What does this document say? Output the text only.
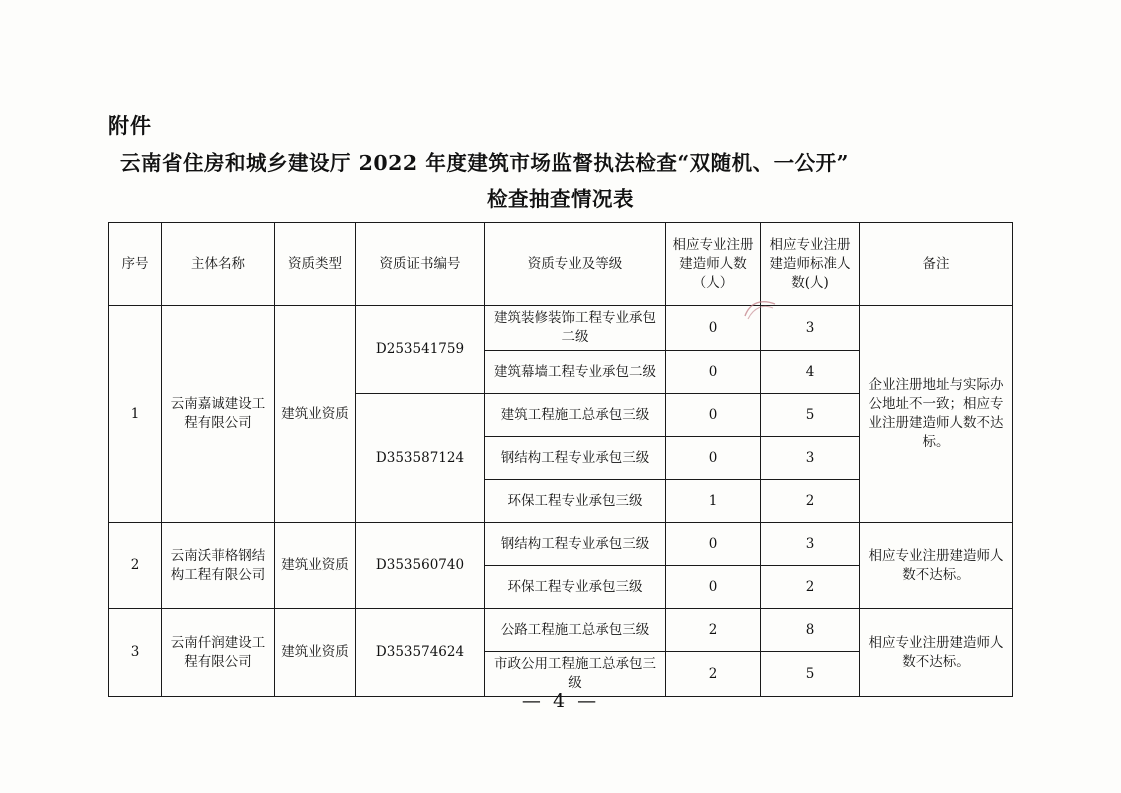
附件
云南省住房和城乡建设厅 2022 年度建筑市场监督执法检查“双随机、一公开”
检查抽查情况表
序号	主体名称	资质类型	资质证书编号	资质专业及等级	相应专业注册建造师人数（人）	相应专业注册建造师标准人数(人)	备注
1	云南嘉诚建设工程有限公司	建筑业资质	D253541759	建筑装修装饰工程专业承包二级	0	3	企业注册地址与实际办公地址不一致；相应专业注册建造师人数不达标。
				建筑幕墙工程专业承包二级	0	4	
			D353587124	建筑工程施工总承包三级	0	5	
				钢结构工程专业承包三级	0	3	
				环保工程专业承包三级	1	2	
2	云南沃菲格钢结构工程有限公司	建筑业资质	D353560740	钢结构工程专业承包三级	0	3	相应专业注册建造师人数不达标。
				环保工程专业承包三级	0	2	
3	云南仟润建设工程有限公司	建筑业资质	D353574624	公路工程施工总承包三级	2	8	相应专业注册建造师人数不达标。
				市政公用工程施工总承包三级	2	5	
— 4 —
